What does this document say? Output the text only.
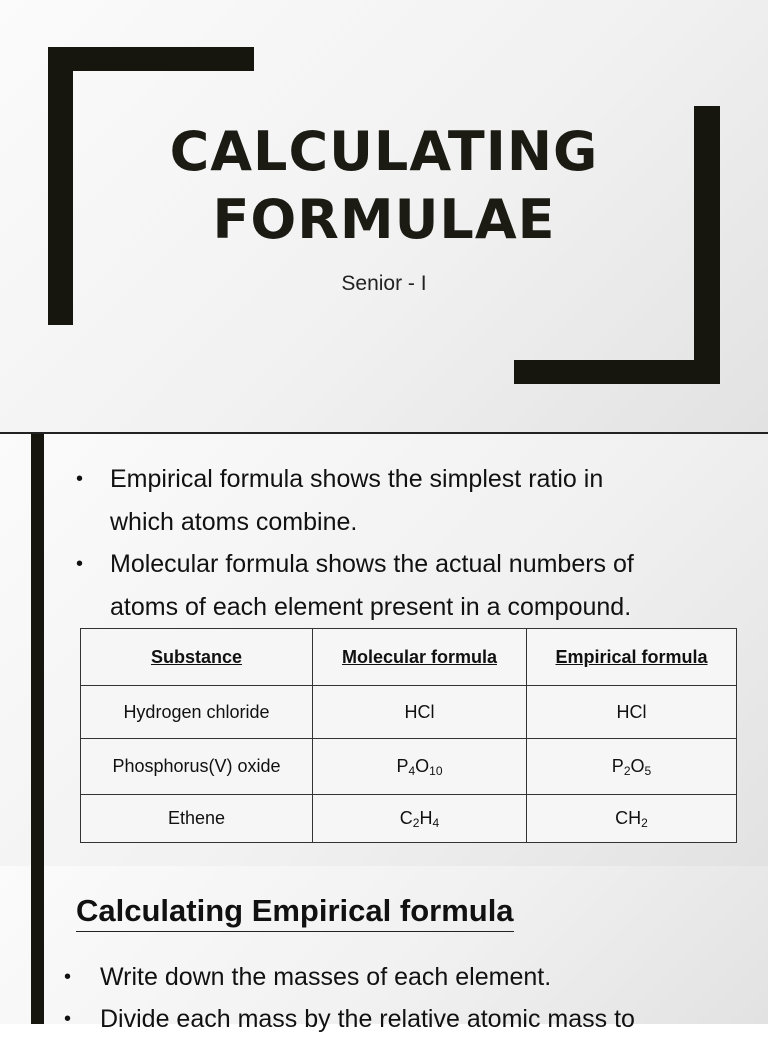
CALCULATING
FORMULAE
Senior - I
• Empirical formula shows the simplest ratio in
which atoms combine.
• Molecular formula shows the actual numbers of
atoms of each element present in a compound.
Substance	Molecular formula	Empirical formula
Hydrogen chloride	HCl	HCl
Phosphorus(V) oxide	$P_4O_{10}$	$P_2O_5$
Ethene	$C_2H_4$	$CH_2$
Calculating Empirical formula
• Write down the masses of each element.
• Divide each mass by the relative atomic mass to
